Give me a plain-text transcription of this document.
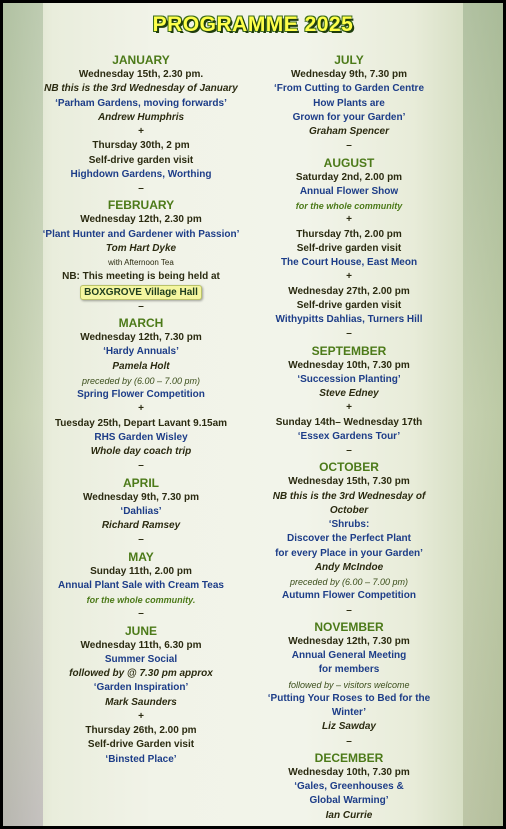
PROGRAMME 2025
JANUARY
Wednesday 15th, 2.30 pm.
NB this is the 3rd Wednesday of January
‘Parham Gardens, moving forwards’
Andrew Humphris
+
Thursday 30th, 2 pm
Self-drive garden visit
Highdown Gardens, Worthing
–
FEBRUARY
Wednesday 12th, 2.30 pm
‘Plant Hunter and Gardener with Passion’
Tom Hart Dyke
with Afternoon Tea
NB: This meeting is being held at
BOXGROVE Village Hall
–
MARCH
Wednesday 12th, 7.30 pm
‘Hardy Annuals’
Pamela Holt
preceded by (6.00 – 7.00 pm)
Spring Flower Competition
+
Tuesday 25th, Depart Lavant 9.15am
RHS Garden Wisley
Whole day coach trip
–
APRIL
Wednesday 9th, 7.30 pm
‘Dahlias’
Richard Ramsey
–
MAY
Sunday 11th, 2.00 pm
Annual Plant Sale with Cream Teas
for the whole community.
–
JUNE
Wednesday 11th, 6.30 pm
Summer Social
followed by @ 7.30 pm approx
‘Garden Inspiration’
Mark Saunders
+
Thursday 26th, 2.00 pm
Self-drive Garden visit
‘Binsted Place’
JULY
Wednesday 9th, 7.30 pm
‘From Cutting to Garden Centre
How Plants are
Grown for your Garden’
Graham Spencer
–
AUGUST
Saturday 2nd, 2.00 pm
Annual Flower Show
for the whole community
+
Thursday 7th, 2.00 pm
Self-drive garden visit
The Court House, East Meon
+
Wednesday 27th, 2.00 pm
Self-drive garden visit
Withypitts Dahlias, Turners Hill
–
SEPTEMBER
Wednesday 10th, 7.30 pm
‘Succession Planting’
Steve Edney
+
Sunday 14th– Wednesday 17th
‘Essex Gardens Tour’
–
OCTOBER
Wednesday 15th, 7.30 pm
NB this is the 3rd Wednesday of
October
‘Shrubs:
Discover the Perfect Plant
for every Place in your Garden’
Andy McIndoe
preceded by (6.00 – 7.00 pm)
Autumn Flower Competition
–
NOVEMBER
Wednesday 12th, 7.30 pm
Annual General Meeting
for members
followed by – visitors welcome
‘Putting Your Roses to Bed for the
Winter’
Liz Sawday
–
DECEMBER
Wednesday 10th, 7.30 pm
‘Gales, Greenhouses &
Global Warming’
Ian Currie
